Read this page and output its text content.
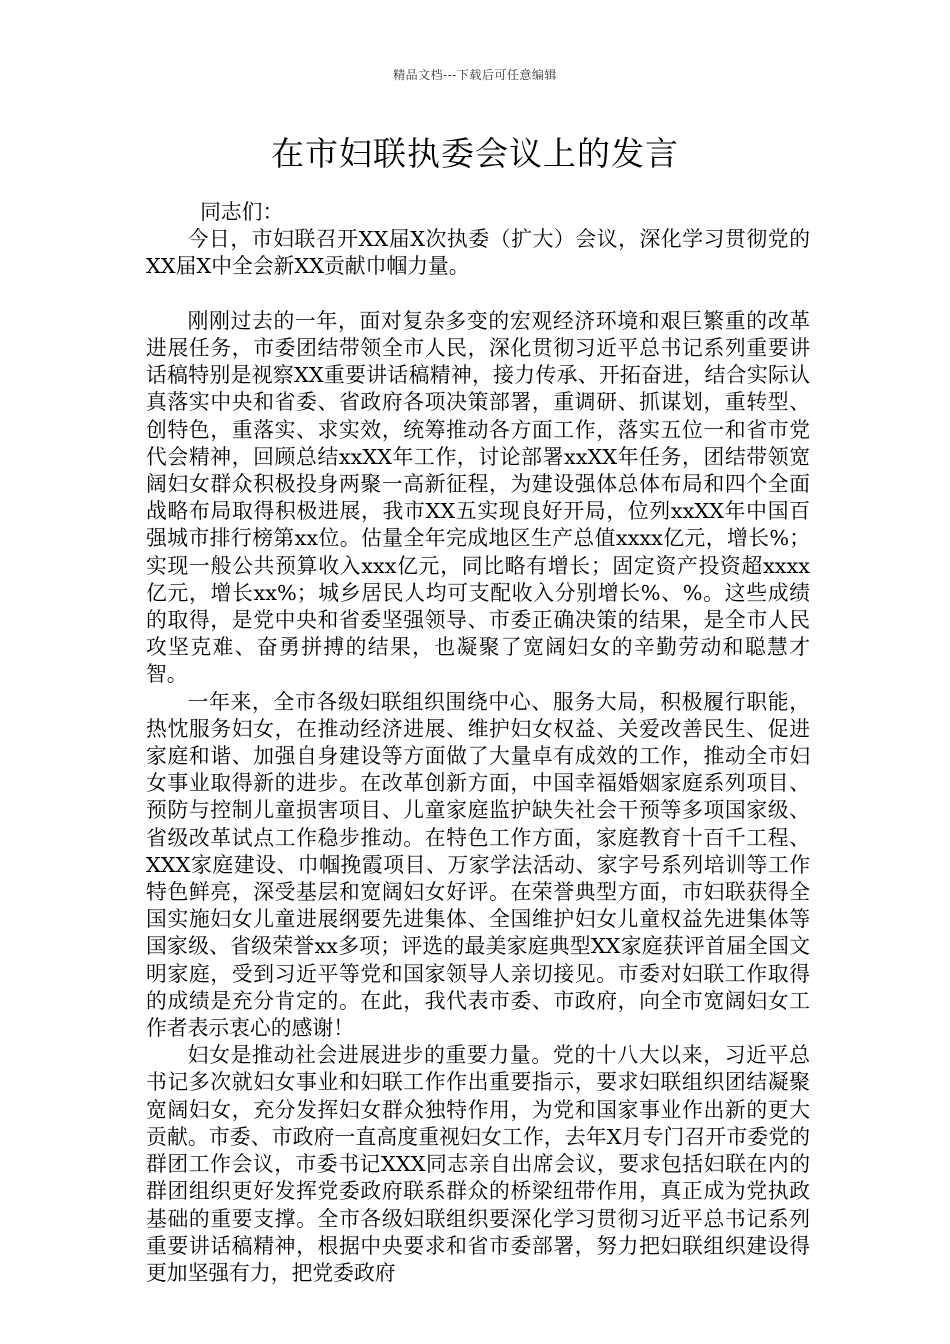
精品文档---下载后可任意编辑
在市妇联执委会议上的发言

同志们：

今日，市妇联召开XX届X次执委（扩大）会议，深化学习贯彻党的XX届X中全会新XX贡献巾帼力量。

刚刚过去的一年，面对复杂多变的宏观经济环境和艰巨繁重的改革进展任务，市委团结带领全市人民，深化贯彻习近平总书记系列重要讲话稿特别是视察XX重要讲话稿精神，接力传承、开拓奋进，结合实际认真落实中央和省委、省政府各项决策部署，重调研、抓谋划，重转型、创特色，重落实、求实效，统筹推动各方面工作，落实五位一和省市党代会精神，回顾总结xxXX年工作，讨论部署xxXX年任务，团结带领宽阔妇女群众积极投身两聚一高新征程，为建设强体总体布局和四个全面战略布局取得积极进展，我市XX五实现良好开局，位列xxXX年中国百强城市排行榜第xx位。估量全年完成地区生产总值xxxx亿元，增长%；实现一般公共预算收入xxx亿元，同比略有增长；固定资产投资超xxxx亿元，增长xx%；城乡居民人均可支配收入分别增长%、%。这些成绩的取得，是党中央和省委坚强领导、市委正确决策的结果，是全市人民攻坚克难、奋勇拼搏的结果，也凝聚了宽阔妇女的辛勤劳动和聪慧才智。

一年来，全市各级妇联组织围绕中心、服务大局，积极履行职能，热忱服务妇女，在推动经济进展、维护妇女权益、关爱改善民生、促进家庭和谐、加强自身建设等方面做了大量卓有成效的工作，推动全市妇女事业取得新的进步。在改革创新方面，中国幸福婚姻家庭系列项目、预防与控制儿童损害项目、儿童家庭监护缺失社会干预等多项国家级、省级改革试点工作稳步推动。在特色工作方面，家庭教育十百千工程、XXX家庭建设、巾帼挽霞项目、万家学法活动、家字号系列培训等工作特色鲜亮，深受基层和宽阔妇女好评。在荣誉典型方面，市妇联获得全国实施妇女儿童进展纲要先进集体、全国维护妇女儿童权益先进集体等国家级、省级荣誉xx多项；评选的最美家庭典型XX家庭获评首届全国文明家庭，受到习近平等党和国家领导人亲切接见。市委对妇联工作取得的成绩是充分肯定的。在此，我代表市委、市政府，向全市宽阔妇女工作者表示衷心的感谢！

妇女是推动社会进展进步的重要力量。党的十八大以来，习近平总书记多次就妇女事业和妇联工作作出重要指示，要求妇联组织团结凝聚宽阔妇女，充分发挥妇女群众独特作用，为党和国家事业作出新的更大贡献。市委、市政府一直高度重视妇女工作，去年X月专门召开市委党的群团工作会议，市委书记XXX同志亲自出席会议，要求包括妇联在内的群团组织更好发挥党委政府联系群众的桥梁纽带作用，真正成为党执政基础的重要支撑。全市各级妇联组织要深化学习贯彻习近平总书记系列重要讲话稿精神，根据中央要求和省市委部署，努力把妇联组织建设得更加坚强有力，把党委政府
